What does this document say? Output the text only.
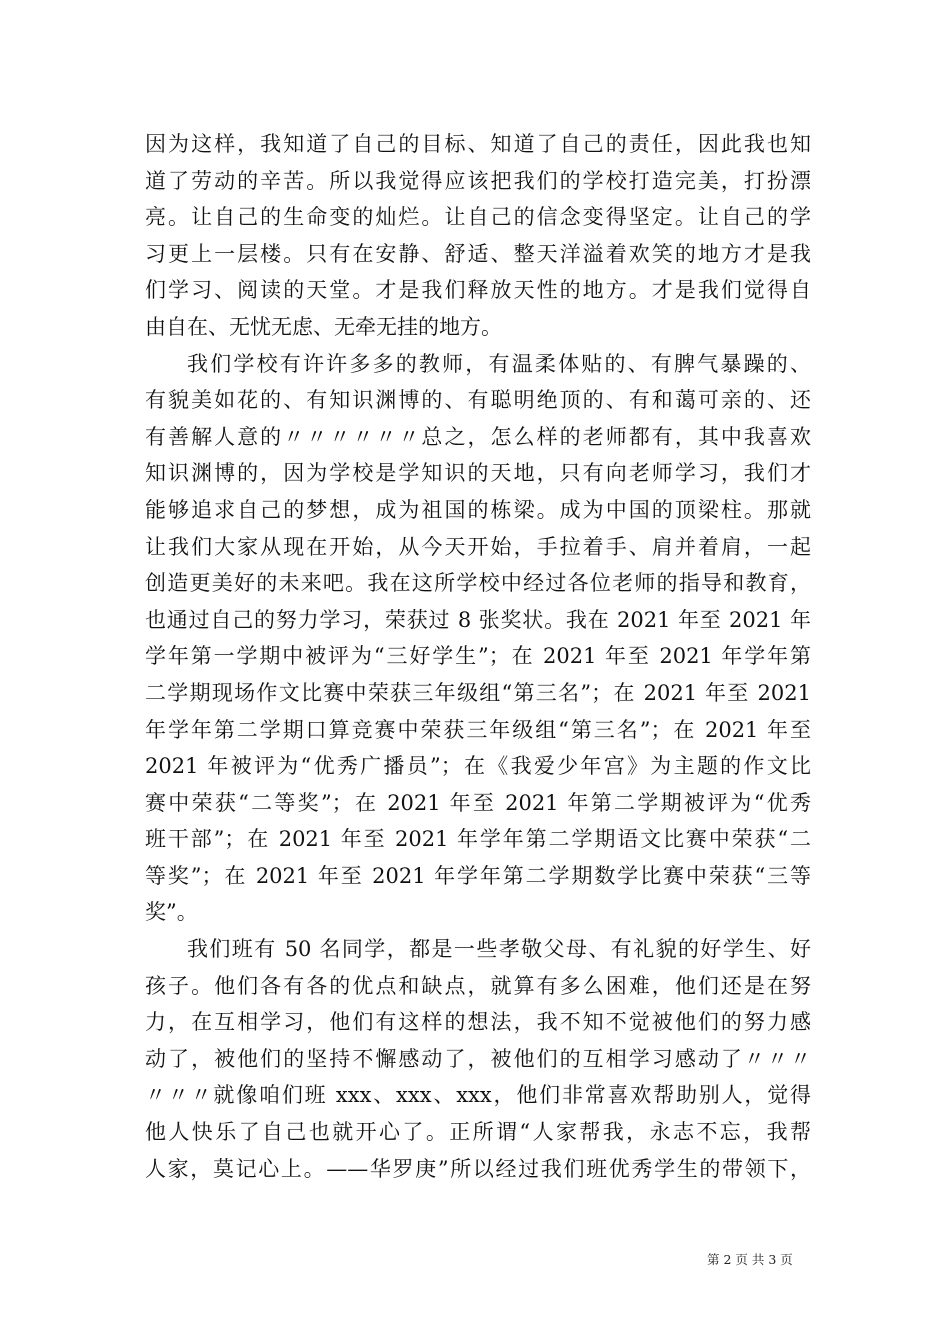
因为这样，我知道了自己的目标、知道了自己的责任，因此我也知
道了劳动的辛苦。所以我觉得应该把我们的学校打造完美，打扮漂
亮。让自己的生命变的灿烂。让自己的信念变得坚定。让自己的学
习更上一层楼。只有在安静、舒适、整天洋溢着欢笑的地方才是我
们学习、阅读的天堂。才是我们释放天性的地方。才是我们觉得自
由自在、无忧无虑、无牵无挂的地方。
我们学校有许许多多的教师，有温柔体贴的、有脾气暴躁的、
有貌美如花的、有知识渊博的、有聪明绝顶的、有和蔼可亲的、还
有善解人意的〃〃〃〃〃〃总之，怎么样的老师都有，其中我喜欢
知识渊博的，因为学校是学知识的天地，只有向老师学习，我们才
能够追求自己的梦想，成为祖国的栋梁。成为中国的顶梁柱。那就
让我们大家从现在开始，从今天开始，手拉着手、肩并着肩，一起
创造更美好的未来吧。我在这所学校中经过各位老师的指导和教育，
也通过自己的努力学习，荣获过 8 张奖状。我在 2021 年至 2021 年
学年第一学期中被评为“三好学生”；在 2021 年至 2021 年学年第
二学期现场作文比赛中荣获三年级组“第三名”；在 2021 年至 2021
年学年第二学期口算竞赛中荣获三年级组“第三名”；在 2021 年至
2021 年被评为“优秀广播员”；在《我爱少年宫》为主题的作文比
赛中荣获“二等奖”；在 2021 年至 2021 年第二学期被评为“优秀
班干部”；在 2021 年至 2021 年学年第二学期语文比赛中荣获“二
等奖”；在 2021 年至 2021 年学年第二学期数学比赛中荣获“三等
奖”。
我们班有 50 名同学，都是一些孝敬父母、有礼貌的好学生、好
孩子。他们各有各的优点和缺点，就算有多么困难，他们还是在努
力，在互相学习，他们有这样的想法，我不知不觉被他们的努力感
动了，被他们的坚持不懈感动了，被他们的互相学习感动了〃〃〃
〃〃〃就像咱们班 xxx、xxx、xxx，他们非常喜欢帮助别人，觉得
他人快乐了自己也就开心了。正所谓“人家帮我，永志不忘，我帮
人家，莫记心上。——华罗庚”所以经过我们班优秀学生的带领下，
第 2 页 共 3 页
